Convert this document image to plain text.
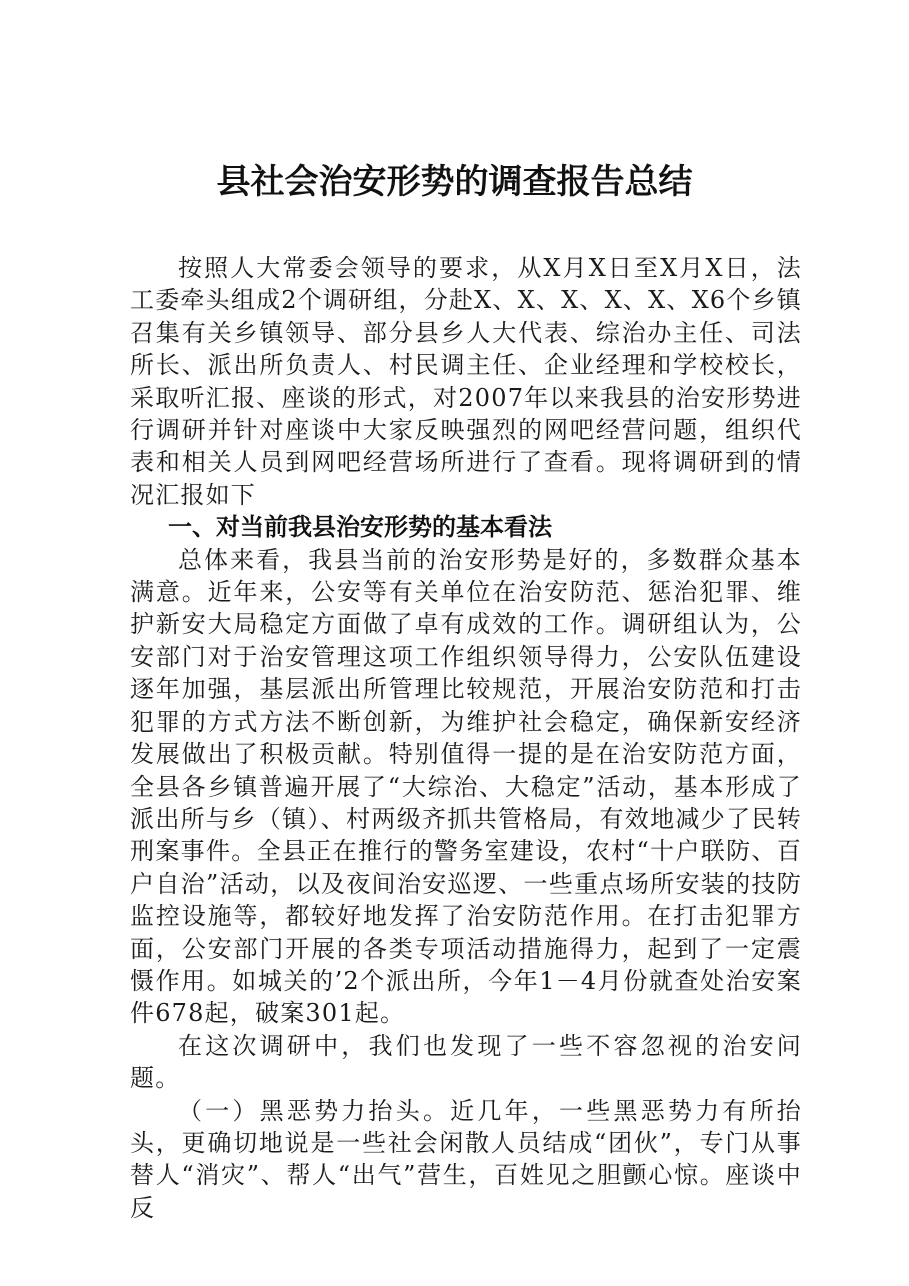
县社会治安形势的调查报告总结

按照人大常委会领导的要求，从X月X日至X月X日，法工委牵头组成2个调研组，分赴X、X、X、X、X、X6个乡镇召集有关乡镇领导、部分县乡人大代表、综治办主任、司法所长、派出所负责人、村民调主任、企业经理和学校校长，采取听汇报、座谈的形式，对2007年以来我县的治安形势进行调研并针对座谈中大家反映强烈的网吧经营问题，组织代表和相关人员到网吧经营场所进行了查看。现将调研到的情况汇报如下

一、对当前我县治安形势的基本看法

总体来看，我县当前的治安形势是好的，多数群众基本满意。近年来，公安等有关单位在治安防范、惩治犯罪、维护新安大局稳定方面做了卓有成效的工作。调研组认为，公安部门对于治安管理这项工作组织领导得力，公安队伍建设逐年加强，基层派出所管理比较规范，开展治安防范和打击犯罪的方式方法不断创新，为维护社会稳定，确保新安经济发展做出了积极贡献。特别值得一提的是在治安防范方面，全县各乡镇普遍开展了“大综治、大稳定”活动，基本形成了派出所与乡（镇）、村两级齐抓共管格局，有效地减少了民转刑案事件。全县正在推行的警务室建设，农村“十户联防、百户自治”活动，以及夜间治安巡逻、一些重点场所安装的技防监控设施等，都较好地发挥了治安防范作用。在打击犯罪方面，公安部门开展的各类专项活动措施得力，起到了一定震慑作用。如城关的’2个派出所，今年1－4月份就查处治安案件678起，破案301起。

在这次调研中，我们也发现了一些不容忽视的治安问题。

（一）黑恶势力抬头。近几年，一些黑恶势力有所抬头，更确切地说是一些社会闲散人员结成“团伙”，专门从事替人“消灾”、帮人“出气”营生，百姓见之胆颤心惊。座谈中反
